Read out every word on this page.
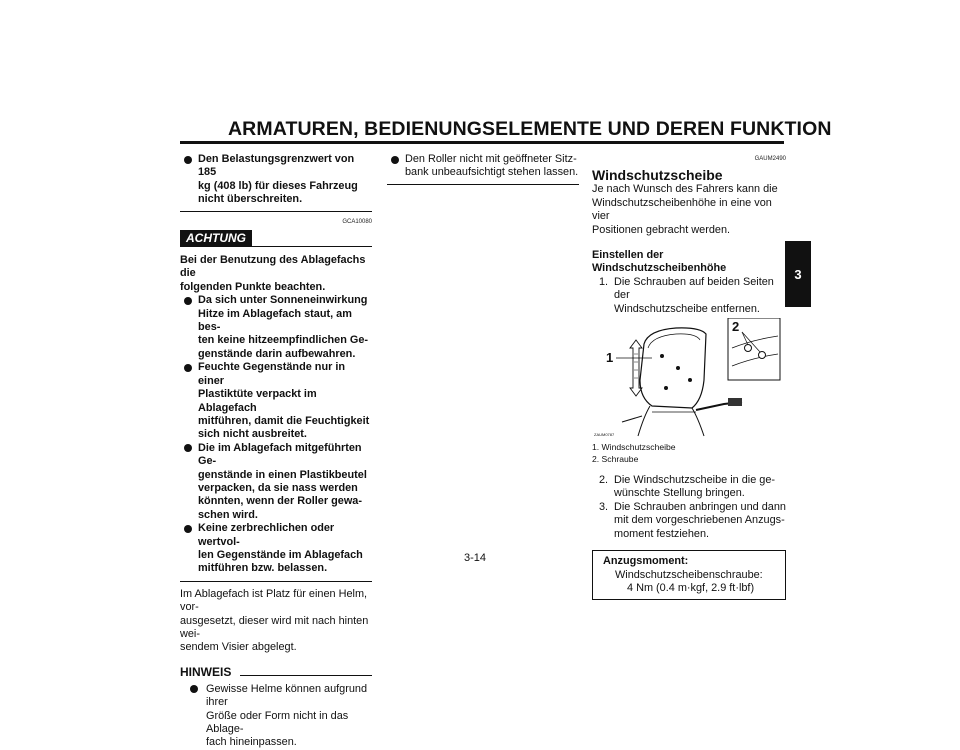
ARMATUREN, BEDIENUNGSELEMENTE UND DEREN FUNKTION
3
Den Belastungsgrenzwert von 185
kg (408 lb) für dieses Fahrzeug
nicht überschreiten.
GCA10080
ACHTUNG
Bei der Benutzung des Ablagefachs die
folgenden Punkte beachten.
Da sich unter Sonneneinwirkung
Hitze im Ablagefach staut, am bes-
ten keine hitzeempfindlichen Ge-
genstände darin aufbewahren.
Feuchte Gegenstände nur in einer
Plastiktüte verpackt im Ablagefach
mitführen, damit die Feuchtigkeit
sich nicht ausbreitet.
Die im Ablagefach mitgeführten Ge-
genstände in einen Plastikbeutel
verpacken, da sie nass werden
könnten, wenn der Roller gewa-
schen wird.
Keine zerbrechlichen oder wertvol-
len Gegenstände im Ablagefach
mitführen bzw. belassen.
Im Ablagefach ist Platz für einen Helm, vor-
ausgesetzt, dieser wird mit nach hinten wei-
sendem Visier abgelegt.
HINWEIS
Gewisse Helme können aufgrund ihrer
Größe oder Form nicht in das Ablage-
fach hineinpassen.
Den Roller nicht mit geöffneter Sitz-
bank unbeaufsichtigt stehen lassen.
GAUM2490
Windschutzscheibe
Je nach Wunsch des Fahrers kann die
Windschutzscheibenhöhe in eine von vier
Positionen gebracht werden.
Einstellen der Windschutzscheibenhöhe
1. Die Schrauben auf beiden Seiten der
Windschutzscheibe entfernen.
1
2
ZAUM0787
1. Windschutzscheibe
2. Schraube
2. Die Windschutzscheibe in die ge-
wünschte Stellung bringen.
3. Die Schrauben anbringen und dann
mit dem vorgeschriebenen Anzugs-
moment festziehen.
Anzugsmoment:
Windschutzscheibenschraube:
4 Nm (0.4 m·kgf, 2.9 ft·lbf)
3-14
